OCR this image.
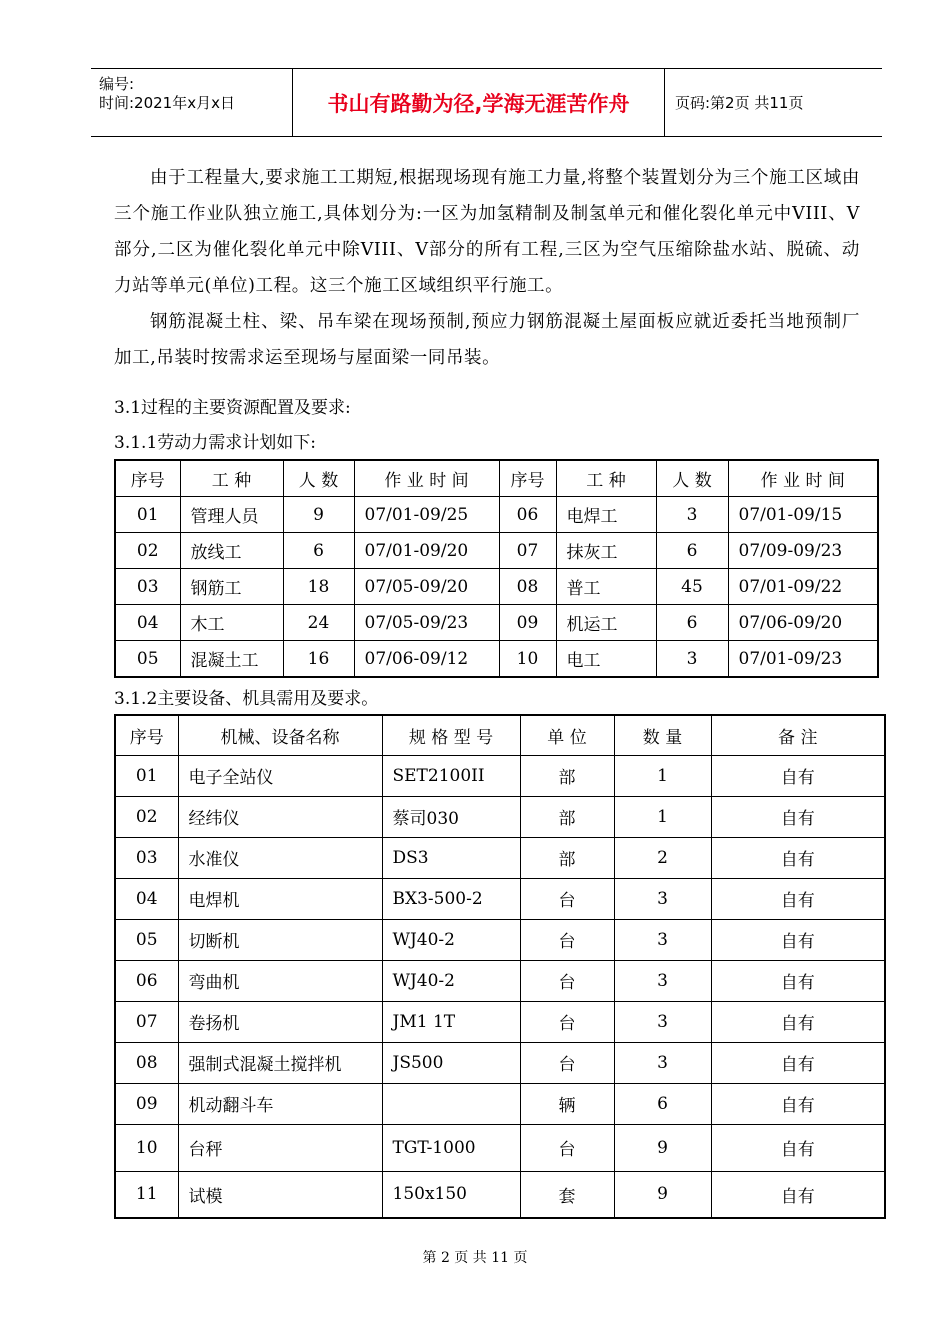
编号:
时间:2021年x月x日	书山有路勤为径,学海无涯苦作舟	页码:第2页 共11页

由于工程量大,要求施工工期短,根据现场现有施工力量,将整个装置划分为三个施工区域由三个施工作业队独立施工,具体划分为:一区为加氢精制及制氢单元和催化裂化单元中VIII、V部分,二区为催化裂化单元中除VIII、V部分的所有工程,三区为空气压缩除盐水站、脱硫、动力站等单元(单位)工程。这三个施工区域组织平行施工。

钢筋混凝土柱、梁、吊车梁在现场预制,预应力钢筋混凝土屋面板应就近委托当地预制厂加工,吊装时按需求运至现场与屋面梁一同吊装。

3.1过程的主要资源配置及要求:
3.1.1劳动力需求计划如下:
序号	工 种	人 数	作 业 时 间	序号	工 种	人 数	作 业 时 间
01	管理人员	9	07/01-09/25	06	电焊工	3	07/01-09/15
02	放线工	6	07/01-09/20	07	抹灰工	6	07/09-09/23
03	钢筋工	18	07/05-09/20	08	普工	45	07/01-09/22
04	木工	24	07/05-09/23	09	机运工	6	07/06-09/20
05	混凝土工	16	07/06-09/12	10	电工	3	07/01-09/23
3.1.2主要设备、机具需用及要求。
序号	机械、设备名称	规 格 型 号	单 位	数 量	备 注
01	电子全站仪	SET2100II	部	1	自有
02	经纬仪	蔡司030	部	1	自有
03	水准仪	DS3	部	2	自有
04	电焊机	BX3-500-2	台	3	自有
05	切断机	WJ40-2	台	3	自有
06	弯曲机	WJ40-2	台	3	自有
07	卷扬机	JM1 1T	台	3	自有
08	强制式混凝土搅拌机	JS500	台	3	自有
09	机动翻斗车		辆	6	自有
10	台秤	TGT-1000	台	9	自有
11	试模	150x150	套	9	自有
第 2 页 共 11 页
